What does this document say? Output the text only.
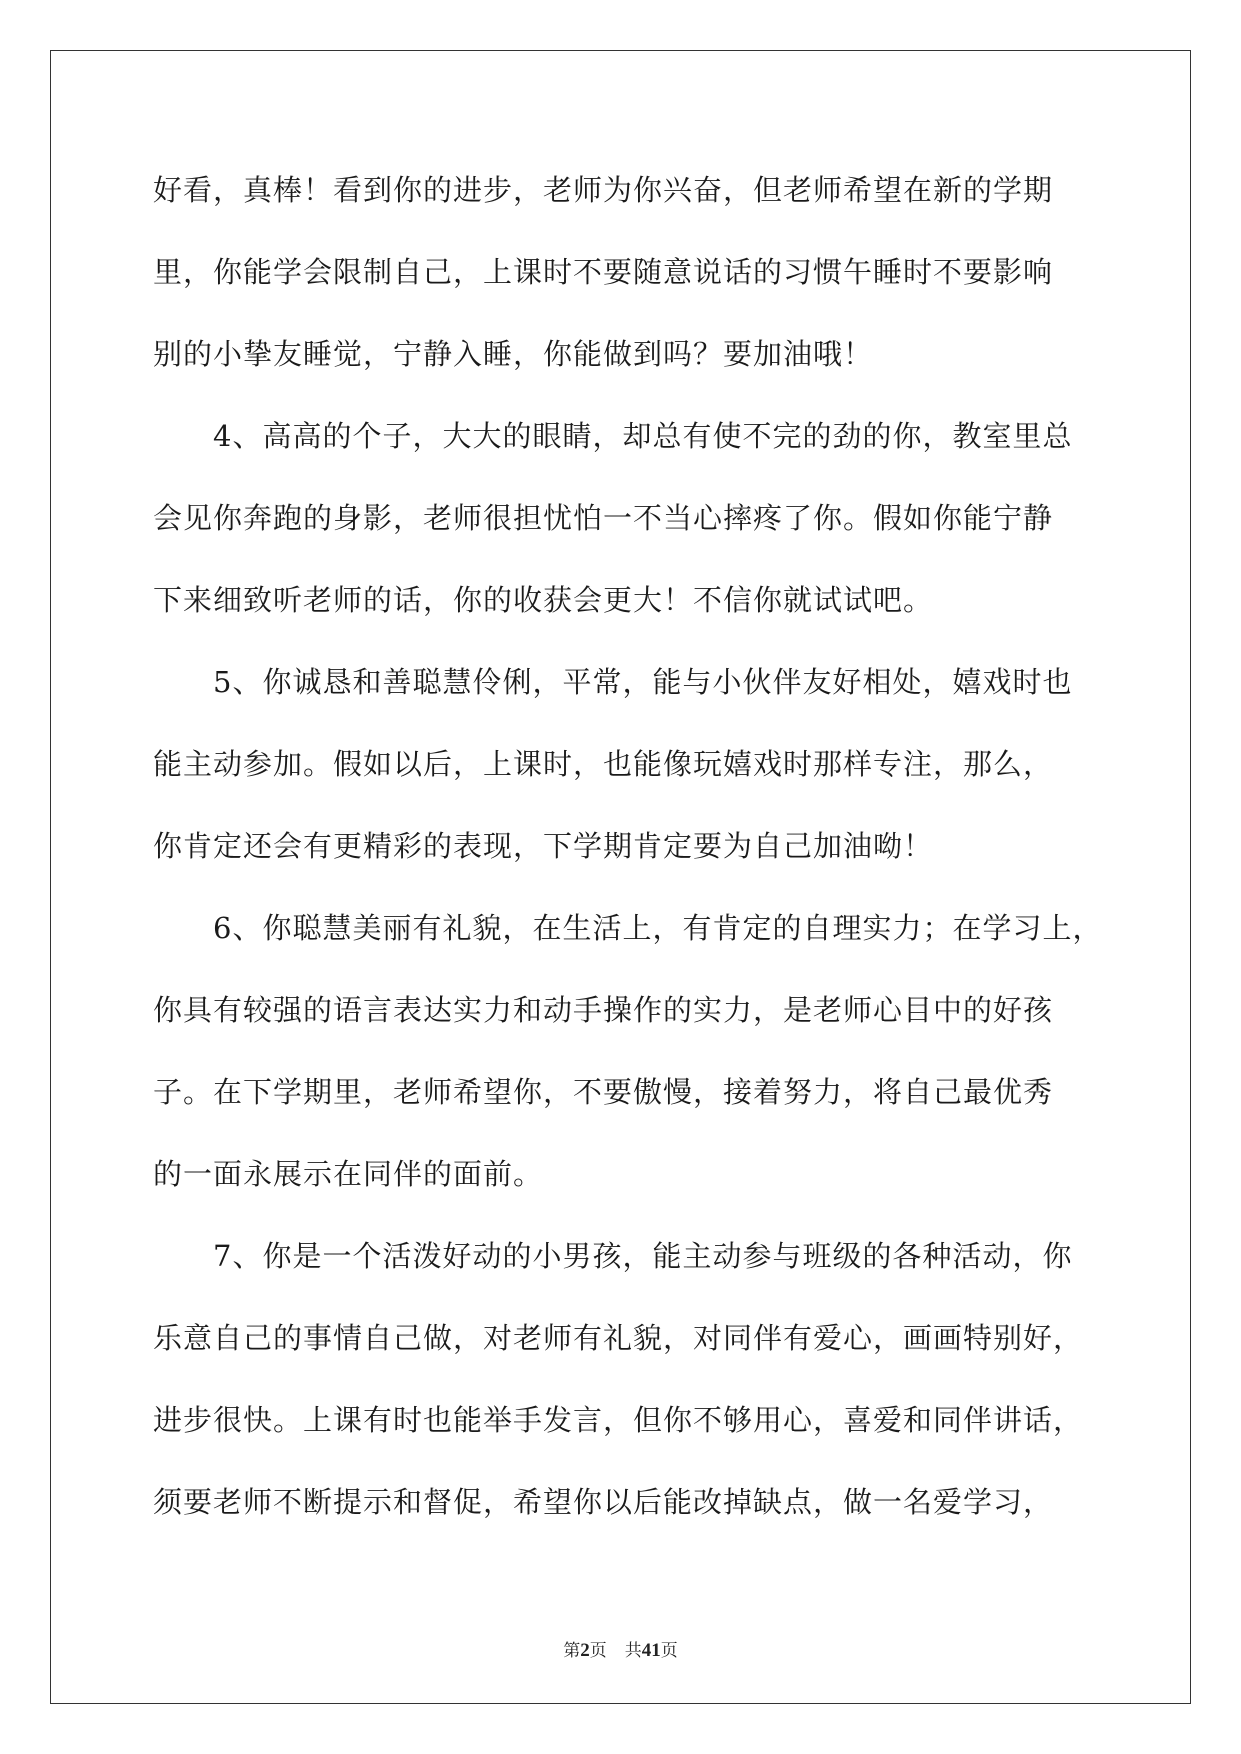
好看，真棒！看到你的进步，老师为你兴奋，但老师希望在新的学期
里，你能学会限制自己，上课时不要随意说话的习惯午睡时不要影响
别的小挚友睡觉，宁静入睡，你能做到吗？要加油哦！
　　4、高高的个子，大大的眼睛，却总有使不完的劲的你，教室里总
会见你奔跑的身影，老师很担忧怕一不当心摔疼了你。假如你能宁静
下来细致听老师的话，你的收获会更大！不信你就试试吧。
　　5、你诚恳和善聪慧伶俐，平常，能与小伙伴友好相处，嬉戏时也
能主动参加。假如以后，上课时，也能像玩嬉戏时那样专注，那么，
你肯定还会有更精彩的表现，下学期肯定要为自己加油呦！
　　6、你聪慧美丽有礼貌，在生活上，有肯定的自理实力；在学习上，
你具有较强的语言表达实力和动手操作的实力，是老师心目中的好孩
子。在下学期里，老师希望你，不要傲慢，接着努力，将自己最优秀
的一面永展示在同伴的面前。
　　7、你是一个活泼好动的小男孩，能主动参与班级的各种活动，你
乐意自己的事情自己做，对老师有礼貌，对同伴有爱心，画画特别好，
进步很快。上课有时也能举手发言，但你不够用心，喜爱和同伴讲话，
须要老师不断提示和督促，希望你以后能改掉缺点，做一名爱学习，
第2页 共41页
